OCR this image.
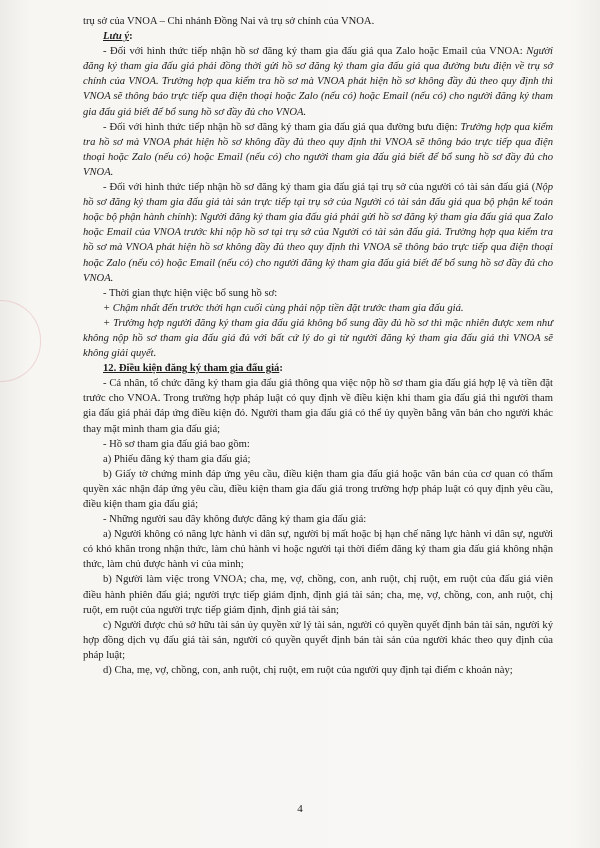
trụ sở của VNOA – Chi nhánh Đồng Nai và trụ sở chính của VNOA.

Lưu ý:

- Đối với hình thức tiếp nhận hồ sơ đăng ký tham gia đấu giá qua Zalo hoặc Email của VNOA: Người đăng ký tham gia đấu giá phải đồng thời gửi hồ sơ đăng ký tham gia đấu giá qua đường bưu điện về trụ sở chính của VNOA. Trường hợp qua kiểm tra hồ sơ mà VNOA phát hiện hồ sơ không đầy đủ theo quy định thì VNOA sẽ thông báo trực tiếp qua điện thoại hoặc Zalo (nếu có) hoặc Email (nếu có) cho người đăng ký tham gia đấu giá biết để bổ sung hồ sơ đầy đủ cho VNOA.

- Đối với hình thức tiếp nhận hồ sơ đăng ký tham gia đấu giá qua đường bưu điện: Trường hợp qua kiểm tra hồ sơ mà VNOA phát hiện hồ sơ không đầy đủ theo quy định thì VNOA sẽ thông báo trực tiếp qua điện thoại hoặc Zalo (nếu có) hoặc Email (nếu có) cho người tham gia đấu giá biết để bổ sung hồ sơ đầy đủ cho VNOA.

- Đối với hình thức tiếp nhận hồ sơ đăng ký tham gia đấu giá tại trụ sở của người có tài sản đấu giá (Nộp hồ sơ đăng ký tham gia đấu giá tài sản trực tiếp tại trụ sở của Người có tài sản đấu giá qua bộ phận kế toán hoặc bộ phận hành chính): Người đăng ký tham gia đấu giá phải gửi hồ sơ đăng ký tham gia đấu giá qua Zalo hoặc Email của VNOA trước khi nộp hồ sơ tại trụ sở của Người có tài sản đấu giá. Trường hợp qua kiểm tra hồ sơ mà VNOA phát hiện hồ sơ không đầy đủ theo quy định thì VNOA sẽ thông báo trực tiếp qua điện thoại hoặc Zalo (nếu có) hoặc Email (nếu có) cho người đăng ký tham gia đấu giá biết để bổ sung hồ sơ đầy đủ cho VNOA.

- Thời gian thực hiện việc bổ sung hồ sơ:

+ Chậm nhất đến trước thời hạn cuối cùng phải nộp tiền đặt trước tham gia đấu giá.

+ Trường hợp người đăng ký tham gia đấu giá không bổ sung đầy đủ hồ sơ thì mặc nhiên được xem như không nộp hồ sơ tham gia đấu giá đủ với bất cứ lý do gì từ người đăng ký tham gia đấu giá thì VNOA sẽ không giải quyết.

12. Điều kiện đăng ký tham gia đấu giá:

- Cá nhân, tổ chức đăng ký tham gia đấu giá thông qua việc nộp hồ sơ tham gia đấu giá hợp lệ và tiền đặt trước cho VNOA. Trong trường hợp pháp luật có quy định về điều kiện khi tham gia đấu giá thì người tham gia đấu giá phải đáp ứng điều kiện đó. Người tham gia đấu giá có thể ủy quyền bằng văn bản cho người khác thay mặt mình tham gia đấu giá;

- Hồ sơ tham gia đấu giá bao gồm:

a) Phiếu đăng ký tham gia đấu giá;

b) Giấy tờ chứng minh đáp ứng yêu cầu, điều kiện tham gia đấu giá hoặc văn bản của cơ quan có thẩm quyền xác nhận đáp ứng yêu cầu, điều kiện tham gia đấu giá trong trường hợp pháp luật có quy định yêu cầu, điều kiện tham gia đấu giá;

- Những người sau đây không được đăng ký tham gia đấu giá:

a) Người không có năng lực hành vi dân sự, người bị mất hoặc bị hạn chế năng lực hành vi dân sự, người có khó khăn trong nhận thức, làm chủ hành vi hoặc người tại thời điểm đăng ký tham gia đấu giá không nhận thức, làm chủ được hành vi của mình;

b) Người làm việc trong VNOA; cha, mẹ, vợ, chồng, con, anh ruột, chị ruột, em ruột của đấu giá viên điều hành phiên đấu giá; người trực tiếp giám định, định giá tài sản; cha, mẹ, vợ, chồng, con, anh ruột, chị ruột, em ruột của người trực tiếp giám định, định giá tài sản;

c) Người được chủ sở hữu tài sản ủy quyền xử lý tài sản, người có quyền quyết định bán tài sản, người ký hợp đồng dịch vụ đấu giá tài sản, người có quyền quyết định bán tài sản của người khác theo quy định của pháp luật;

d) Cha, mẹ, vợ, chồng, con, anh ruột, chị ruột, em ruột của người quy định tại điểm c khoản này;

4
